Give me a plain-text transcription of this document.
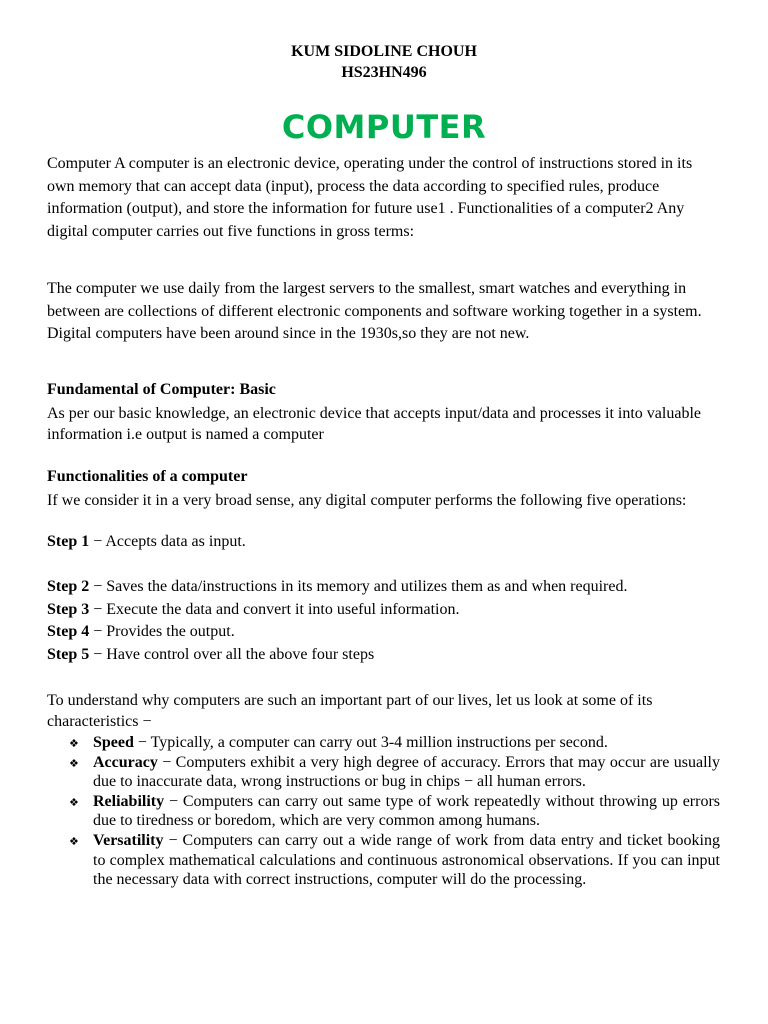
KUM SIDOLINE CHOUH
HS23HN496
COMPUTER
Computer A computer is an electronic device, operating under the control of instructions stored in its own memory that can accept data (input), process the data according to specified rules, produce information (output), and store the information for future use1 . Functionalities of a computer2 Any digital computer carries out five functions in gross terms:
The computer we use daily from the largest servers to the smallest, smart watches and everything in between are collections of different electronic components and software working together in a system. Digital computers have been around since in the 1930s,so they are not new.
Fundamental of Computer: Basic
As per our basic knowledge, an electronic device that accepts input/data and processes it into valuable information i.e output is named a computer
Functionalities of a computer
If we consider it in a very broad sense, any digital computer performs the following five operations:
Step 1 − Accepts data as input.
Step 2 − Saves the data/instructions in its memory and utilizes them as and when required.
Step 3 − Execute the data and convert it into useful information.
Step 4 − Provides the output.
Step 5 − Have control over all the above four steps
To understand why computers are such an important part of our lives, let us look at some of its characteristics −
❖ Speed − Typically, a computer can carry out 3-4 million instructions per second.
❖ Accuracy − Computers exhibit a very high degree of accuracy. Errors that may occur are usually due to inaccurate data, wrong instructions or bug in chips − all human errors.
❖ Reliability − Computers can carry out same type of work repeatedly without throwing up errors due to tiredness or boredom, which are very common among humans.
❖ Versatility − Computers can carry out a wide range of work from data entry and ticket booking to complex mathematical calculations and continuous astronomical observations. If you can input the necessary data with correct instructions, computer will do the processing.
